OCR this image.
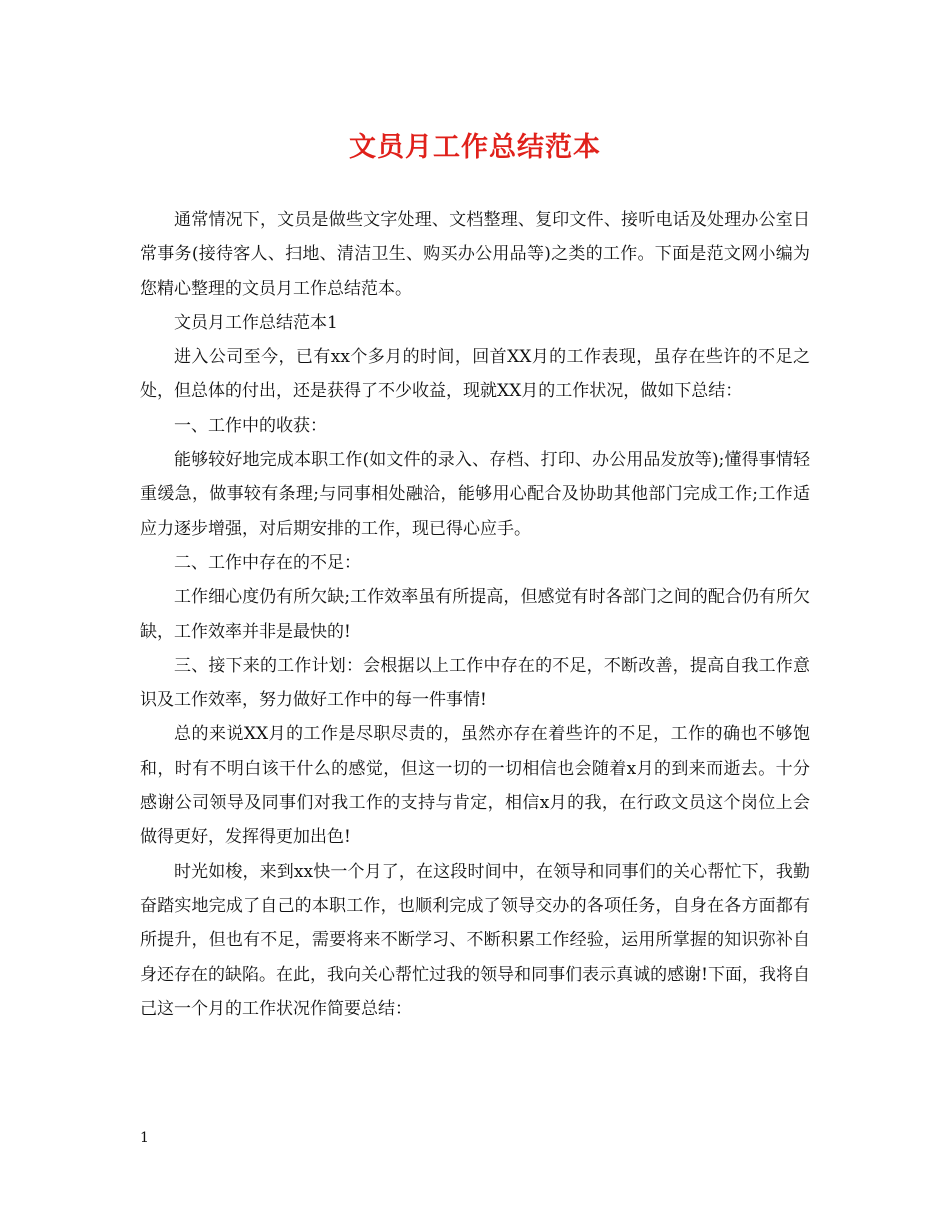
文员月工作总结范本

通常情况下，文员是做些文字处理、文档整理、复印文件、接听电话及处理办公室日常事务(接待客人、扫地、清洁卫生、购买办公用品等)之类的工作。下面是范文网小编为您精心整理的文员月工作总结范本。

文员月工作总结范本1

进入公司至今，已有xx个多月的时间，回首XX月的工作表现，虽存在些许的不足之处，但总体的付出，还是获得了不少收益，现就XX月的工作状况，做如下总结：

一、工作中的收获：

能够较好地完成本职工作(如文件的录入、存档、打印、办公用品发放等);懂得事情轻重缓急，做事较有条理;与同事相处融洽，能够用心配合及协助其他部门完成工作;工作适应力逐步增强，对后期安排的工作，现已得心应手。

二、工作中存在的不足：

工作细心度仍有所欠缺;工作效率虽有所提高，但感觉有时各部门之间的配合仍有所欠缺，工作效率并非是最快的!

三、接下来的工作计划：会根据以上工作中存在的不足，不断改善，提高自我工作意识及工作效率，努力做好工作中的每一件事情!

总的来说XX月的工作是尽职尽责的，虽然亦存在着些许的不足，工作的确也不够饱和，时有不明白该干什么的感觉，但这一切的一切相信也会随着x月的到来而逝去。十分感谢公司领导及同事们对我工作的支持与肯定，相信x月的我，在行政文员这个岗位上会做得更好，发挥得更加出色!

时光如梭，来到xx快一个月了，在这段时间中，在领导和同事们的关心帮忙下，我勤奋踏实地完成了自己的本职工作，也顺利完成了领导交办的各项任务，自身在各方面都有所提升，但也有不足，需要将来不断学习、不断积累工作经验，运用所掌握的知识弥补自身还存在的缺陷。在此，我向关心帮忙过我的领导和同事们表示真诚的感谢!下面，我将自己这一个月的工作状况作简要总结：

1
